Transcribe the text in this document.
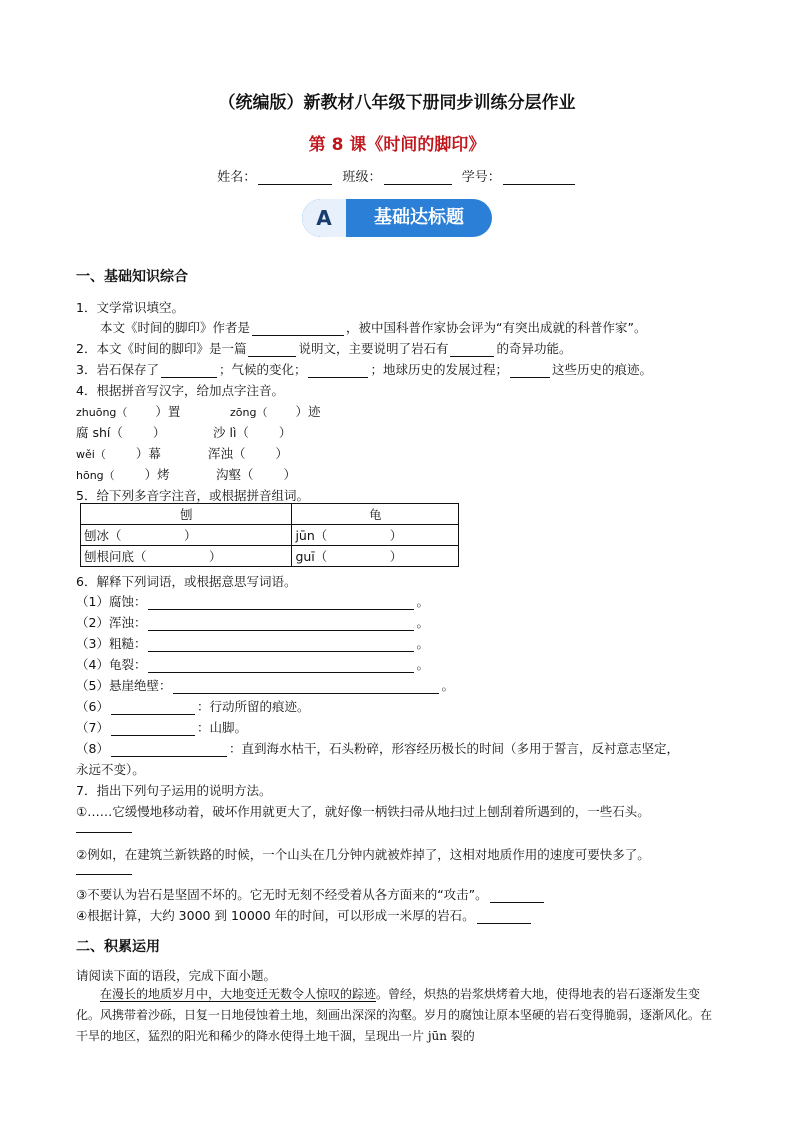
（统编版）新教材八年级下册同步训练分层作业
第 8 课《时间的脚印》
姓名：	班级：	学号：
A	基础达标题
一、基础知识综合
1．文学常识填空。
本文《时间的脚印》作者是	，被中国科普作家协会评为“有突出成就的科普作家”。
2．本文《时间的脚印》是一篇	说明文，主要说明了岩石有	的奇异功能。
3．岩石保存了	；气候的变化；	；地球历史的发展过程；	这些历史的痕迹。
4．根据拼音写汉字，给加点字注音。
zhuōng（ ）置	zōng（ ）迹
腐 shí（ ）	沙 lì（ ）
wěi（ ）幕	浑浊（ ）
hōng（ ）烤	沟壑（ ）
5．给下列多音字注音，或根据拼音组词。
刨	龟
刨冰（　　　　　）	jūn（　　　　　）
刨根问底（　　　　　）	guī（　　　　　）
6．解释下列词语，或根据意思写词语。
（1）腐蚀：	。
（2）浑浊：	。
（3）粗糙：	。
（4）龟裂：	。
（5）悬崖绝壁：	。
（6）	：行动所留的痕迹。
（7）	：山脚。
（8）	：直到海水枯干，石头粉碎，形容经历极长的时间（多用于誓言，反衬意志坚定，
永远不变）。
7．指出下列句子运用的说明方法。
①……它缓慢地移动着，破坏作用就更大了，就好像一柄铁扫帚从地扫过上刨刮着所遇到的，一些石头。
②例如，在建筑兰新铁路的时候，一个山头在几分钟内就被炸掉了，这相对地质作用的速度可要快多了。
③不要认为岩石是坚固不坏的。它无时无刻不经受着从各方面来的“攻击”。
④根据计算，大约 3000 到 10000 年的时间，可以形成一米厚的岩石。
二、积累运用
请阅读下面的语段，完成下面小题。
在漫长的地质岁月中，大地变迁无数令人惊叹的踪迹。曾经，炽热的岩浆烘烤着大地，使得地表的岩石逐渐发生变化。风携带着沙砾，日复一日地侵蚀着土地，刻画出深深的沟壑。岁月的腐蚀让原本坚硬的岩石变得脆弱，逐渐风化。在干旱的地区，猛烈的阳光和稀少的降水使得土地干涸，呈现出一片 jūn 裂的
